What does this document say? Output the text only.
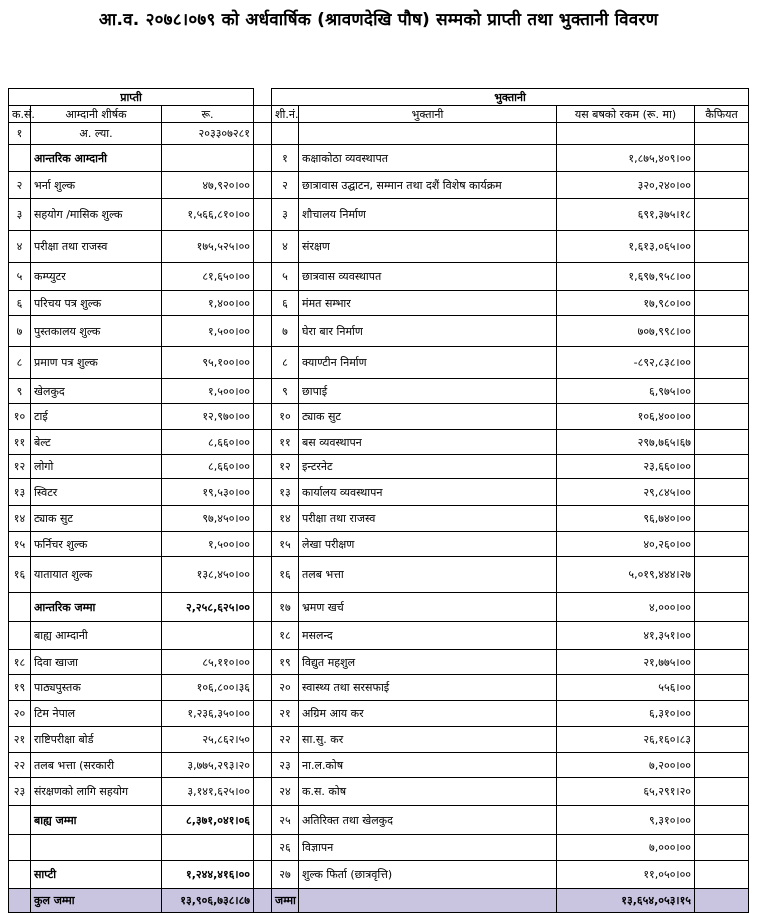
आ.व. २०७८।०७९ को अर्धवार्षिक (श्रावणदेखि पौष) सम्मको प्राप्ती तथा भुक्तानी विवरण
प्राप्ती				भुक्तानी			
क.सं.	आम्दानी शीर्षक	रू.		शी.नं.	भुक्तानी	यस बषको रकम (रू. मा)	कैफियत
१	अ. ल्या.	२०३३०७२८१					
	आन्तरिक आम्दानी			१	कक्षाकोठा व्यवस्थापत	१,८७५,४०९।००	
२	भर्ना शुल्क	४७,९२०।००		२	छात्रावास उद्घाटन, सम्मान तथा दशैं विशेष कार्यक्रम	३२०,२४०।००	
३	सहयोग /मासिक शुल्क	१,५६६,८१०।००		३	शौचालय निर्माण	६९१,३७५।१८	
४	परीक्षा तथा राजस्व	१७५,५२५।००		४	संरक्षण	१,६१३,०६५।००	
५	कम्प्युटर	८१,६५०।००		५	छात्रवास व्यवस्थापत	१,६९७,९५८।००	
६	परिचय पत्र शुल्क	१,४००।००		६	मंमत सम्भार	१७,९८०।००	
७	पुस्तकालय शुल्क	१,५००।००		७	घेरा बार निर्माण	७०७,९९८।००	
८	प्रमाण पत्र शुल्क	९५,१००।००		८	क्याण्टीन निर्माण	-८९२,८३८।००	
९	खेलकुद	१,५००।००		९	छापाई	६,९७५।००	
१०	टाई	१२,९७०।००		१०	ट्याक सुट	१०६,४००।००	
११	बेल्ट	८,६६०।००		११	बस व्यवस्थापन	२९७,७६५।६७	
१२	लोगो	८,६६०।००		१२	इन्टरनेट	२३,६६०।००	
१३	स्विटर	१९,५३०।००		१३	कार्यालय व्यवस्थापन	२९,८४५।००	
१४	ट्याक सुट	९७,४५०।००		१४	परीक्षा तथा राजस्व	९६,७४०।००	
१५	फर्निचर शुल्क	१,५००।००		१५	लेखा परीक्षण	४०,२६०।००	
१६	यातायात शुल्क	१३८,४५०।००		१६	तलब भत्ता	५,०१९,४४४।२७	
	आन्तरिक जम्मा	२,२५८,६२५।००		१७	भ्रमण खर्च	४,०००।००	
	बाह्य आम्दानी			१८	मसलन्द	४१,३५१।००	
१८	दिवा खाजा	८५,११०।००		१९	विद्युत महशुल	२१,७७५।००	
१९	पाठ्यपुस्तक	१०६,८००।३६		२०	स्वास्थ्य तथा सरसफाई	५५६।००	
२०	टिम नेपाल	१,२३६,३५०।००		२१	अग्रिम आय कर	६,३१०।००	
२१	राष्टिपरीक्षा बोर्ड	२५,८६२।५०		२२	सा.सु. कर	२६,१६०।८३	
२२	तलब भत्ता (सरकारी	३,७७५,२९३।२०		२३	ना.ल.कोष	७,२००।००	
२३	संरक्षणको लागि सहयोग	३,१४१,६२५।००		२४	क.स. कोष	६५,२९१।२०	
	बाह्य जम्मा	८,३७१,०४१।०६		२५	अतिरिक्त तथा खेलकुद	९,३१०।००	
				२६	विज्ञापन	७,०००।००	
	साप्टी	१,२४४,४१६।००		२७	शुल्क फिर्ता (छात्रवृत्ति)	११,०५०।००	
	कुल जम्मा	१३,९०६,७३८।८७		जम्मा		१३,६५४,०५३।१५	
